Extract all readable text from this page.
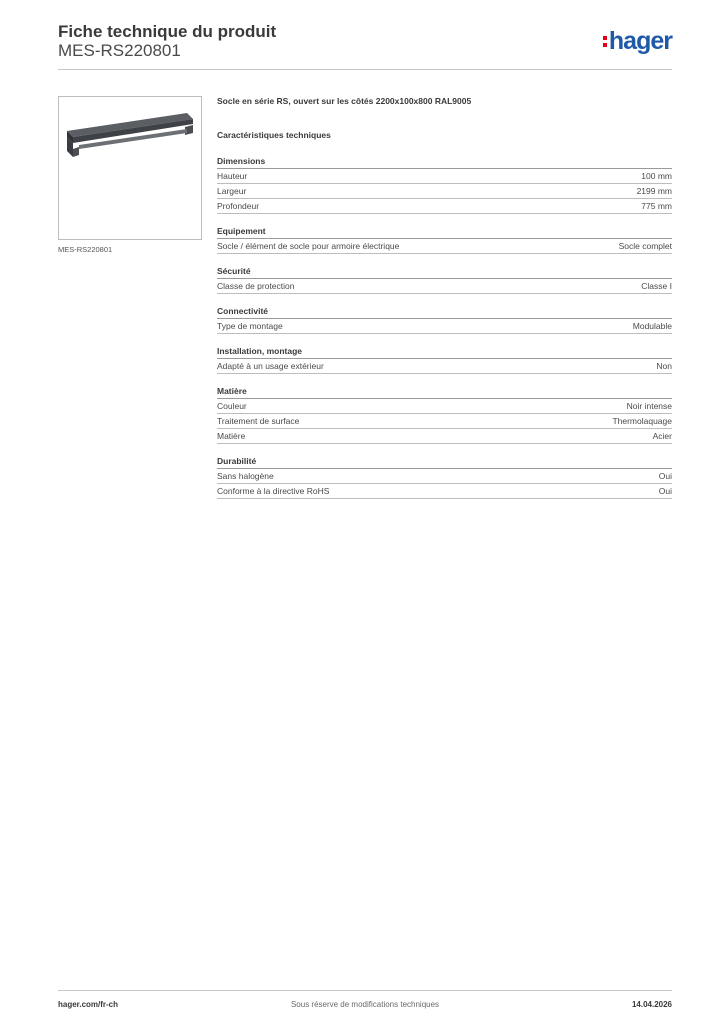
Fiche technique du produit
MES-RS220801	hager
MES-RS220801
Socle en série RS, ouvert sur les côtés 2200x100x800 RAL9005
Caractéristiques techniques
Dimensions
Hauteur	100 mm
Largeur	2199 mm
Profondeur	775 mm
Equipement
Socle / élément de socle pour armoire électrique	Socle complet
Sécurité
Classe de protection	Classe I
Connectivité
Type de montage	Modulable
Installation, montage
Adapté à un usage extérieur	Non
Matière
Couleur	Noir intense
Traitement de surface	Thermolaquage
Matière	Acier
Durabilité
Sans halogène	Oui
Conforme à la directive RoHS	Oui
hager.com/fr-ch	Sous réserve de modifications techniques	14.04.2026
